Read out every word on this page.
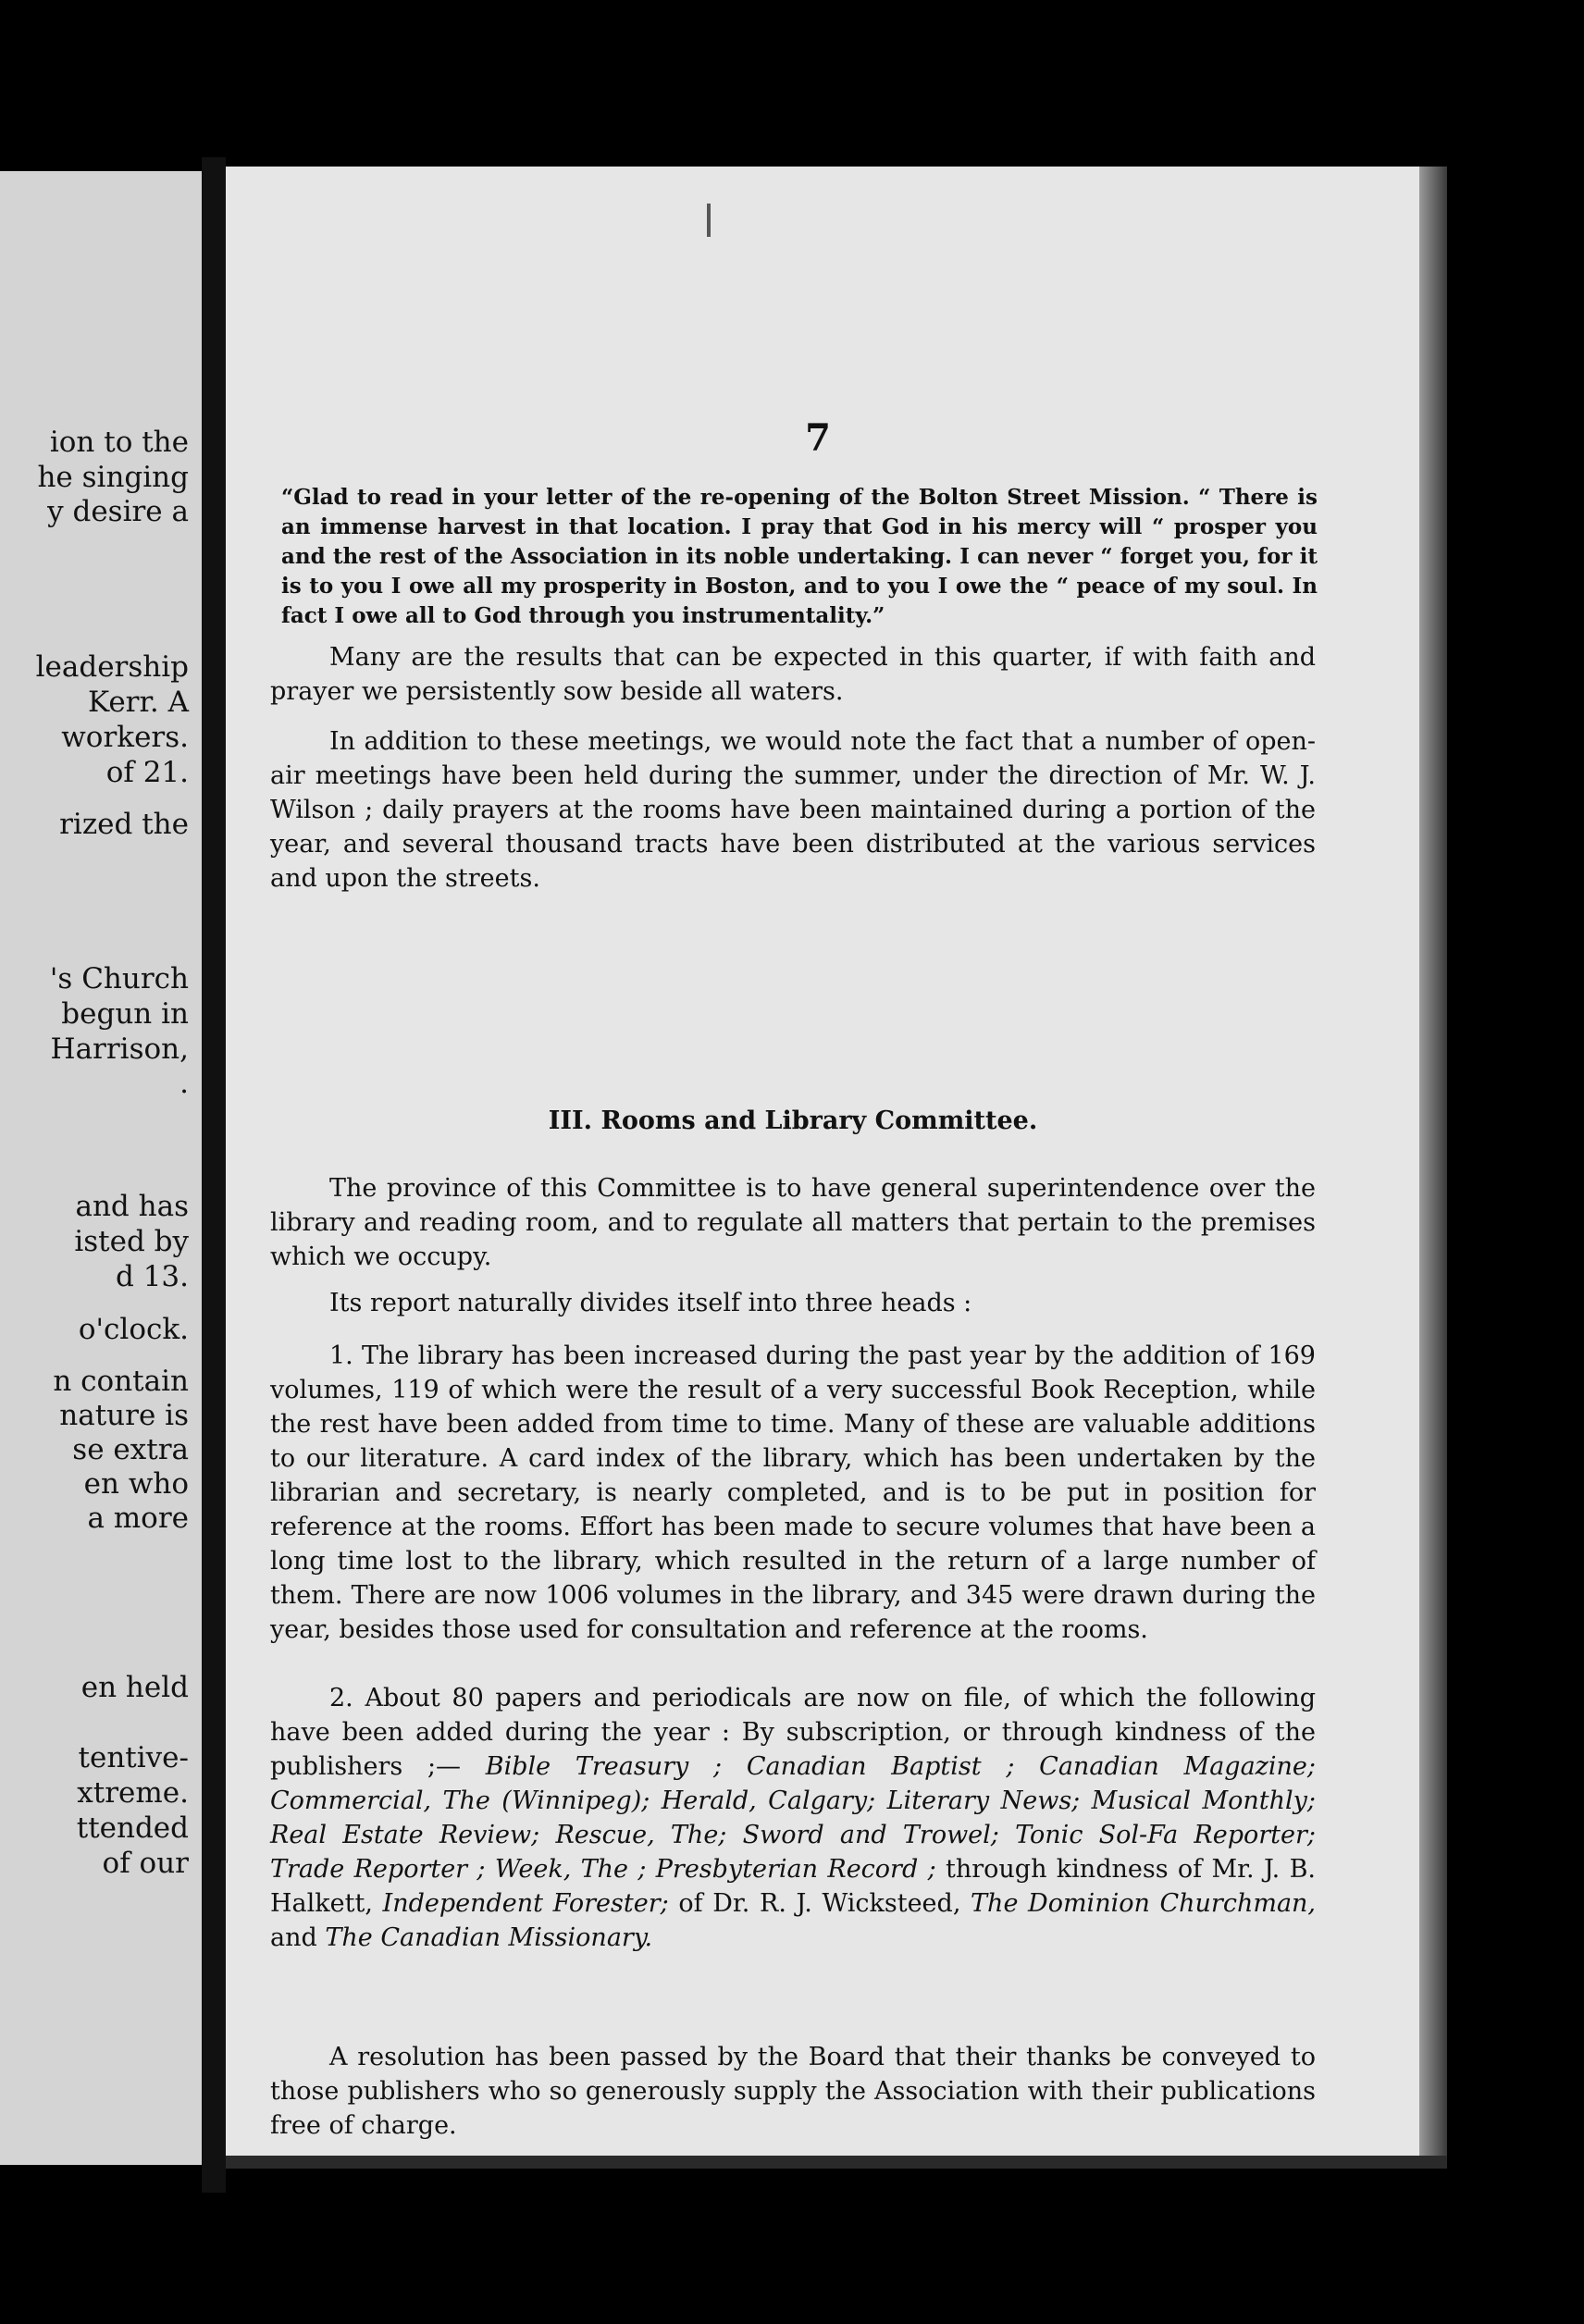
ion to the
he singing
y desire a
leadership
Kerr. A
workers.
of 21.
rized the
's Church
begun in
Harrison,
.
and has
isted by
d 13.
o'clock.
n contain
nature is
se extra
en who
a more
en held
tentive-
xtreme.
ttended
of our
7
“Glad to read in your letter of the re-opening of the Bolton Street Mission. “ There is an immense harvest in that location. I pray that God in his mercy will “ prosper you and the rest of the Association in its noble undertaking. I can never “ forget you, for it is to you I owe all my prosperity in Boston, and to you I owe the “ peace of my soul. In fact I owe all to God through you instrumentality.”

Many are the results that can be expected in this quarter, if with faith and prayer we persistently sow beside all waters.

In addition to these meetings, we would note the fact that a number of open-air meetings have been held during the summer, under the direction of Mr. W. J. Wilson ; daily prayers at the rooms have been maintained during a portion of the year, and several thousand tracts have been distributed at the various services and upon the streets.

III. Rooms and Library Committee.

The province of this Committee is to have general superintendence over the library and reading room, and to regulate all matters that pertain to the premises which we occupy.

Its report naturally divides itself into three heads :

1. The library has been increased during the past year by the addition of 169 volumes, 119 of which were the result of a very successful Book Reception, while the rest have been added from time to time. Many of these are valuable additions to our literature. A card index of the library, which has been undertaken by the librarian and secretary, is nearly completed, and is to be put in position for reference at the rooms. Effort has been made to secure volumes that have been a long time lost to the library, which resulted in the return of a large number of them. There are now 1006 volumes in the library, and 345 were drawn during the year, besides those used for consultation and reference at the rooms.

2. About 80 papers and periodicals are now on file, of which the following have been added during the year : By subscription, or through kindness of the publishers ;— Bible Treasury ; Canadian Baptist ; Canadian Magazine; Commercial, The (Winnipeg); Herald, Calgary; Literary News; Musical Monthly; Real Estate Review; Rescue, The; Sword and Trowel; Tonic Sol-Fa Reporter; Trade Reporter ; Week, The ; Presbyterian Record ; through kindness of Mr. J. B. Halkett, Independent Forester; of Dr. R. J. Wicksteed, The Dominion Churchman, and The Canadian Missionary.

A resolution has been passed by the Board that their thanks be conveyed to those publishers who so generously supply the Association with their publications free of charge.
